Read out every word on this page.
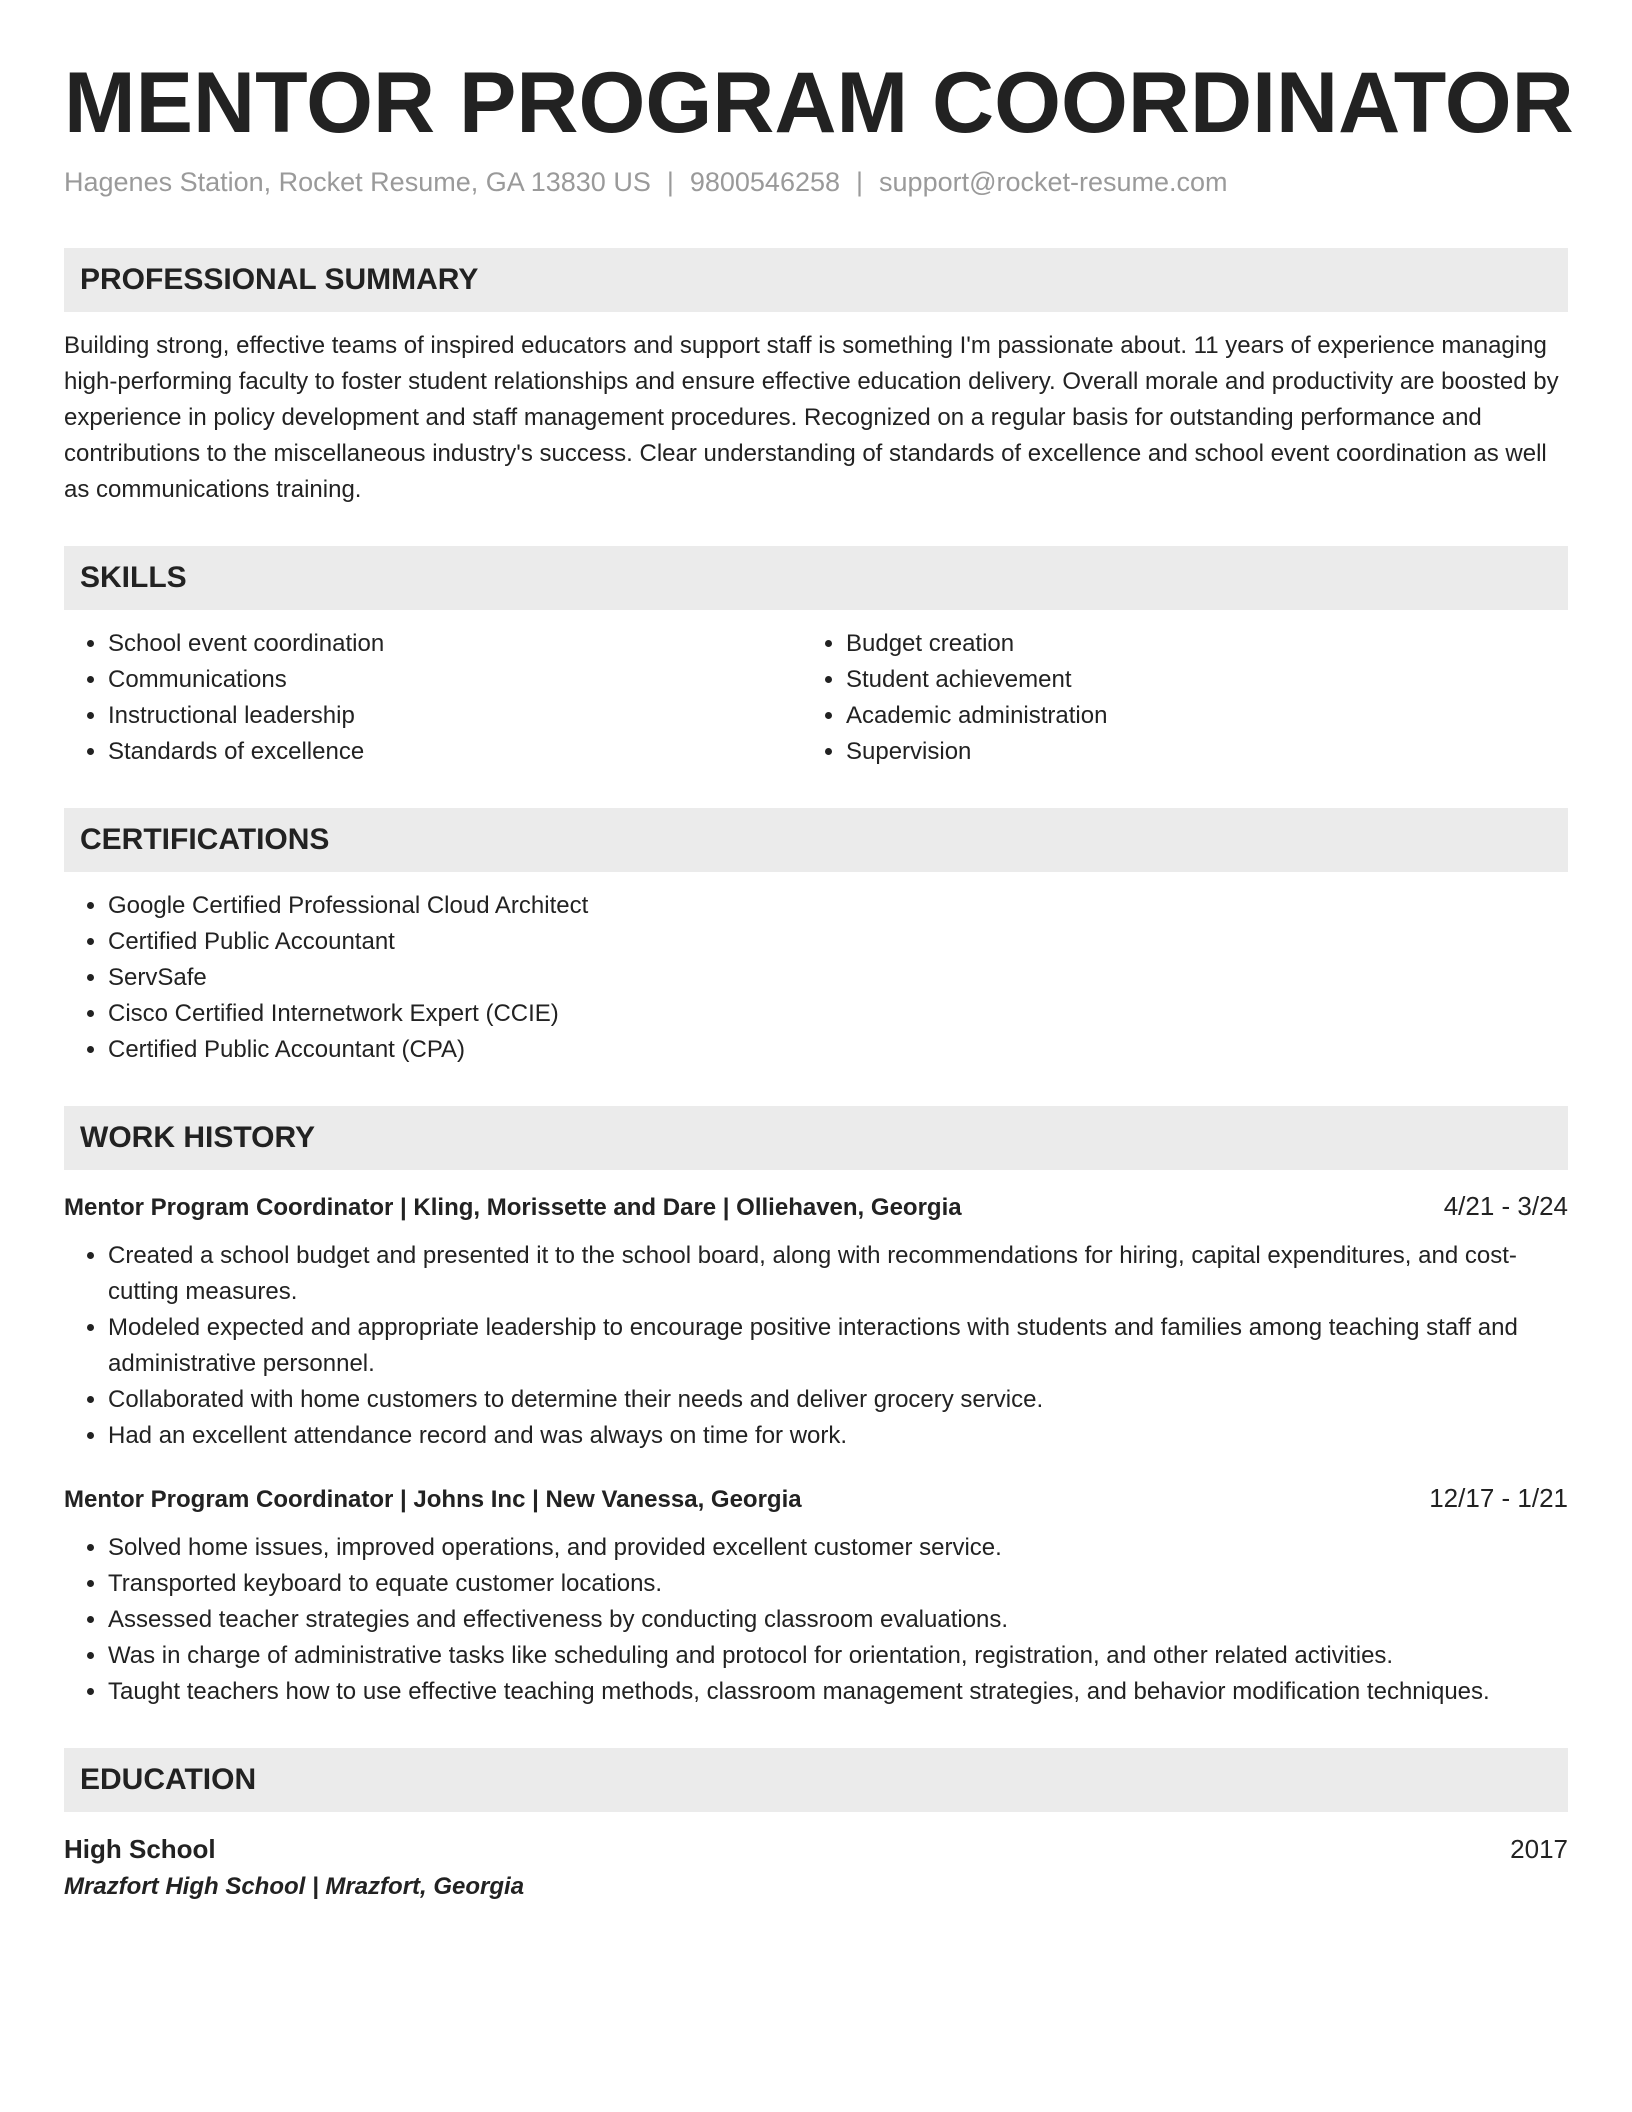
MENTOR PROGRAM COORDINATOR
Hagenes Station, Rocket Resume, GA 13830 US | 9800546258 | support@rocket-resume.com
PROFESSIONAL SUMMARY

Building strong, effective teams of inspired educators and support staff is something I'm passionate about. 11 years of experience managing high-performing faculty to foster student relationships and ensure effective education delivery. Overall morale and productivity are boosted by experience in policy development and staff management procedures. Recognized on a regular basis for outstanding performance and contributions to the miscellaneous industry's success. Clear understanding of standards of excellence and school event coordination as well as communications training.

SKILLS
• School event coordination
• Communications
• Instructional leadership
• Standards of excellence
• Budget creation
• Student achievement
• Academic administration
• Supervision
CERTIFICATIONS
• Google Certified Professional Cloud Architect
• Certified Public Accountant
• ServSafe
• Cisco Certified Internetwork Expert (CCIE)
• Certified Public Accountant (CPA)
WORK HISTORY
Mentor Program Coordinator | Kling, Morissette and Dare | Olliehaven, Georgia	4/21 - 3/24
• Created a school budget and presented it to the school board, along with recommendations for hiring, capital expenditures, and cost-cutting measures.
• Modeled expected and appropriate leadership to encourage positive interactions with students and families among teaching staff and administrative personnel.
• Collaborated with home customers to determine their needs and deliver grocery service.
• Had an excellent attendance record and was always on time for work.
Mentor Program Coordinator | Johns Inc | New Vanessa, Georgia	12/17 - 1/21
• Solved home issues, improved operations, and provided excellent customer service.
• Transported keyboard to equate customer locations.
• Assessed teacher strategies and effectiveness by conducting classroom evaluations.
• Was in charge of administrative tasks like scheduling and protocol for orientation, registration, and other related activities.
• Taught teachers how to use effective teaching methods, classroom management strategies, and behavior modification techniques.
EDUCATION
High School	2017
Mrazfort High School | Mrazfort, Georgia
